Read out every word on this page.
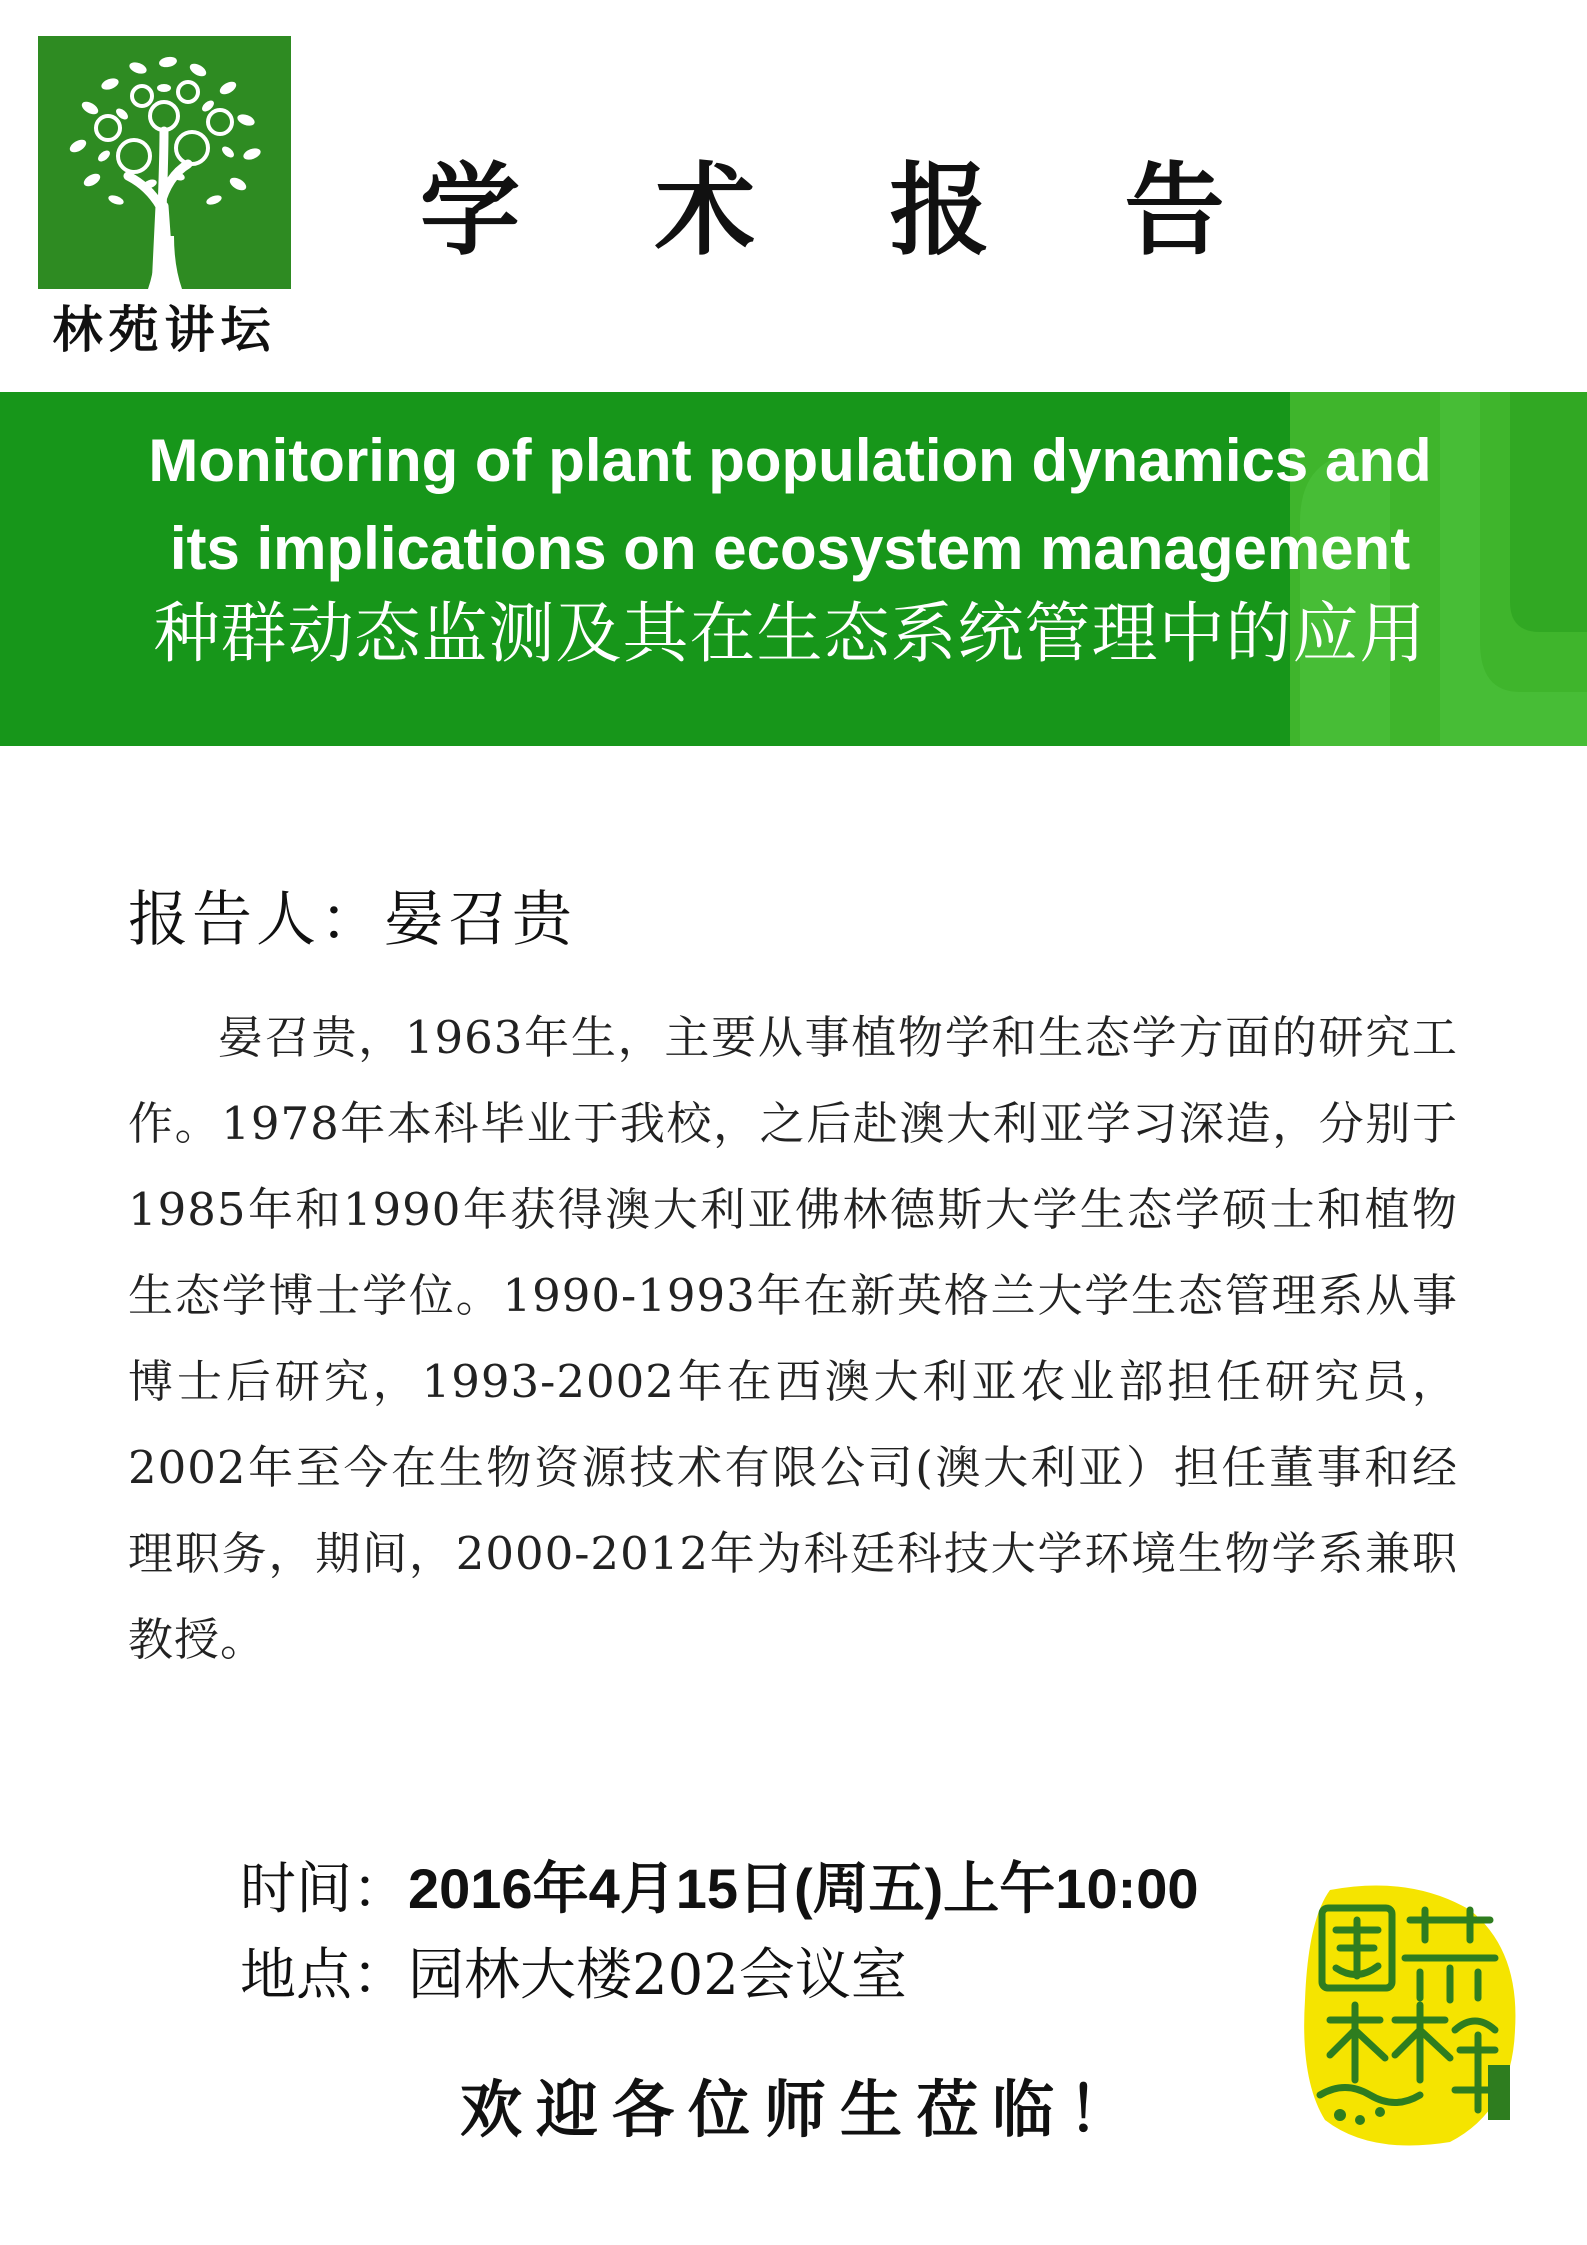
林苑讲坛
学 术 报 告
Monitoring of plant population dynamics and
its implications on ecosystem management
种群动态监测及其在生态系统管理中的应用
报告人：晏召贵
晏召贵，1963年生，主要从事植物学和生态学方面的研究工作。1978年本科毕业于我校，之后赴澳大利亚学习深造，分别于1985年和1990年获得澳大利亚佛林德斯大学生态学硕士和植物生态学博士学位。1990-1993年在新英格兰大学生态管理系从事博士后研究，1993-2002年在西澳大利亚农业部担任研究员，2002年至今在生物资源技术有限公司(澳大利亚）担任董事和经理职务，期间，2000-2012年为科廷科技大学环境生物学系兼职教授。
时间：2016年4月15日(周五)上午10:00
地点：园林大楼202会议室
欢迎各位师生莅临！
